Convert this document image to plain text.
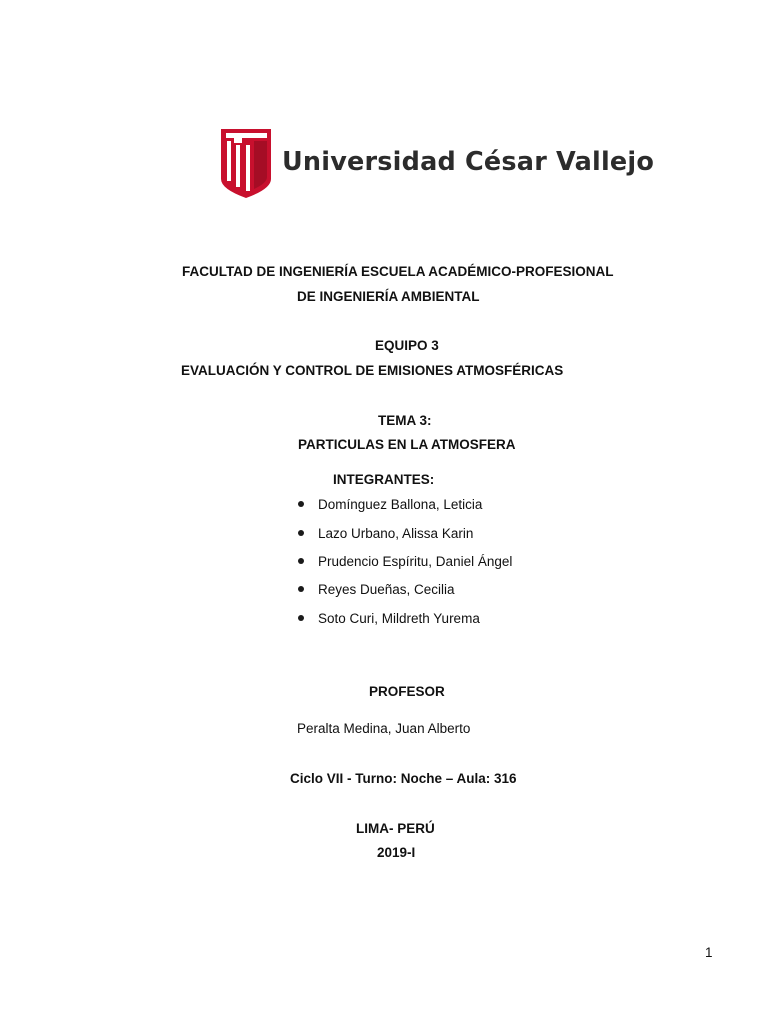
Universidad César Vallejo
FACULTAD DE INGENIERÍA ESCUELA ACADÉMICO-PROFESIONAL
DE INGENIERÍA AMBIENTAL
EQUIPO 3
EVALUACIÓN Y CONTROL DE EMISIONES ATMOSFÉRICAS
TEMA 3:
PARTICULAS EN LA ATMOSFERA
INTEGRANTES:
Domínguez Ballona, Leticia
Lazo Urbano, Alissa Karin
Prudencio Espíritu, Daniel Ángel
Reyes Dueñas, Cecilia
Soto Curi, Mildreth Yurema
PROFESOR
Peralta Medina, Juan Alberto
Ciclo VII - Turno: Noche – Aula: 316
LIMA- PERÚ
2019-I
1
